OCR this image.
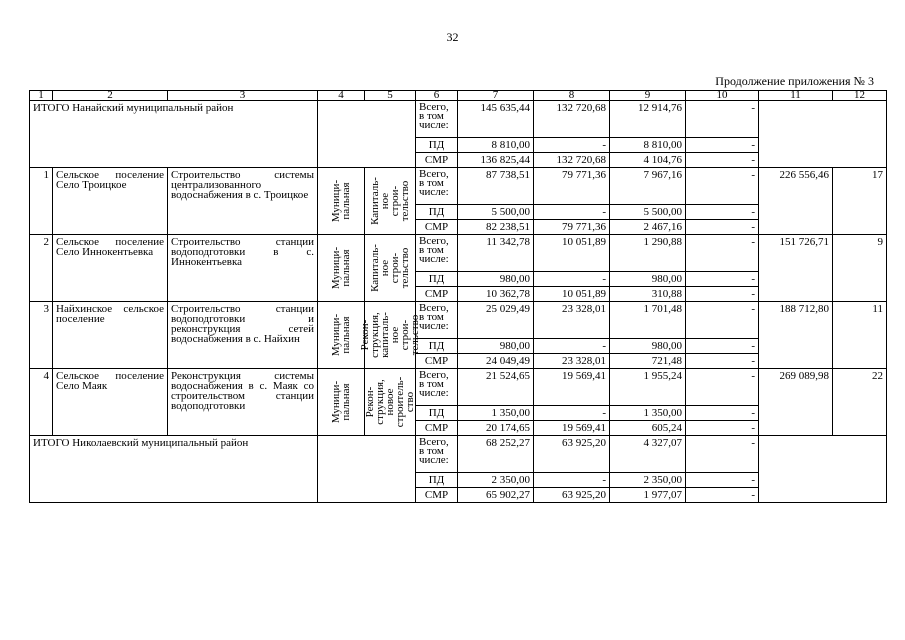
32
Продолжение приложения № 3
1	2	3	4	5	6	7	8	9	10	11	12
ИТОГО Нанайский муниципальный район					Всего,
в том
числе:	145 635,44	132 720,68	12 914,76	-		
					ПД	8 810,00	-	8 810,00	-		
					СМР	136 825,44	132 720,68	4 104,76	-		
1	Сельское поселение Село Троицкое	Строительство системы централизованного водоснабжения в с. Троицкое	Муници-
пальная	Капиталь-
ное строи-
тельство	Всего,
в том
числе:	87 738,51	79 771,36	7 967,16	-	226 556,46	17
					ПД	5 500,00	-	5 500,00	-		
					СМР	82 238,51	79 771,36	2 467,16	-		
2	Сельское поселение Село Иннокентьевка	Строительство станции водоподготовки в с. Иннокентьевка	Муници-
пальная	Капиталь-
ное строи-
тельство	Всего,
в том
числе:	11 342,78	10 051,89	1 290,88	-	151 726,71	9
					ПД	980,00	-	980,00	-		
					СМР	10 362,78	10 051,89	310,88	-		
3	Найхинское сельское поселение	Строительство станции водоподготовки и реконструкция сетей водоснабжения в с. Найхин	Муници-
пальная	Рекон-
струкция,
капиталь-
ное строи-
тельство	Всего,
в том
числе:	25 029,49	23 328,01	1 701,48	-	188 712,80	11
					ПД	980,00	-	980,00	-		
					СМР	24 049,49	23 328,01	721,48	-		
4	Сельское поселение Село Маяк	Реконструкция системы водоснабжения в с. Маяк со строительством станции водоподготовки	Муници-
пальная	Рекон-
струкция,
новое
строитель-
ство	Всего,
в том
числе:	21 524,65	19 569,41	1 955,24	-	269 089,98	22
					ПД	1 350,00	-	1 350,00	-		
					СМР	20 174,65	19 569,41	605,24	-		
ИТОГО Николаевский муниципальный район					Всего,
в том
числе:	68 252,27	63 925,20	4 327,07	-		
					ПД	2 350,00	-	2 350,00	-		
					СМР	65 902,27	63 925,20	1 977,07	-		
